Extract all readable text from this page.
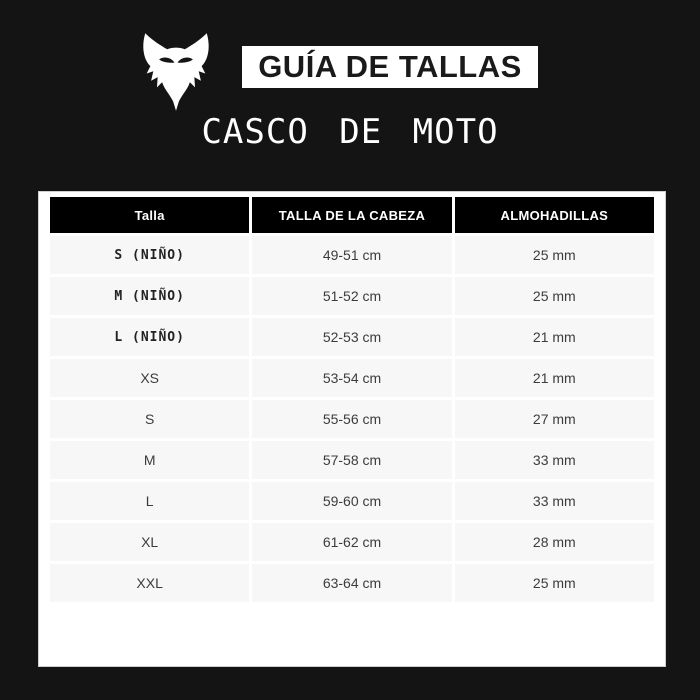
GUÍA DE TALLAS
CASCO DE MOTO
Talla	TALLA DE LA CABEZA	ALMOHADILLAS
S (NIÑO)	49-51 cm	25 mm
M (NIÑO)	51-52 cm	25 mm
L (NIÑO)	52-53 cm	21 mm
XS	53-54 cm	21 mm
S	55-56 cm	27 mm
M	57-58 cm	33 mm
L	59-60 cm	33 mm
XL	61-62 cm	28 mm
XXL	63-64 cm	25 mm
